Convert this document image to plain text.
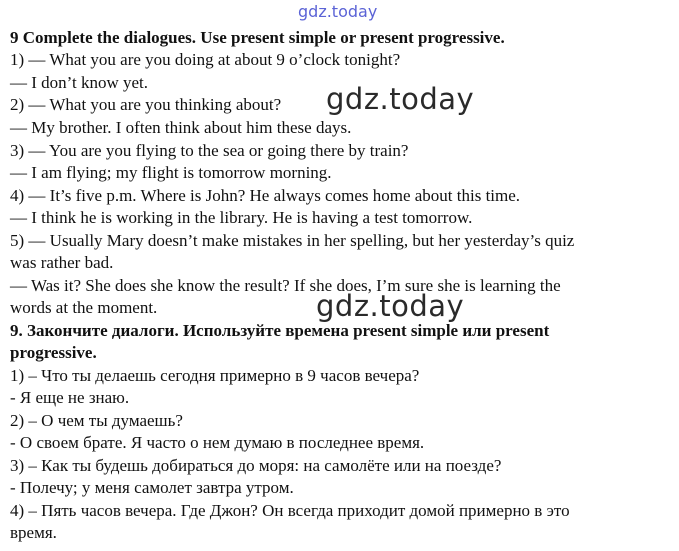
gdz.today
9 Complete the dialogues. Use present simple or present progressive.
1) — What you are you doing at about 9 o’clock tonight?
— I don’t know yet.
2) — What you are you thinking about?
— My brother. I often think about him these days.
3) — You are you flying to the sea or going there by train?
— I am flying; my flight is tomorrow morning.
4) — It’s five p.m. Where is John? He always comes home about this time.
— I think he is working in the library. He is having a test tomorrow.
5) — Usually Mary doesn’t make mistakes in her spelling, but her yesterday’s quiz
was rather bad.
— Was it? She does she know the result? If she does, I’m sure she is learning the
words at the moment.
9. Закончите диалоги. Используйте времена present simple или present
progressive.
1) – Что ты делаешь сегодня примерно в 9 часов вечера?
- Я еще не знаю.
2) – О чем ты думаешь?
- О своем брате. Я часто о нем думаю в последнее время.
3) – Как ты будешь добираться до моря: на самолёте или на поезде?
- Полечу; у меня самолет завтра утром.
4) – Пять часов вечера. Где Джон? Он всегда приходит домой примерно в это
время.
gdz.today
gdz.today
